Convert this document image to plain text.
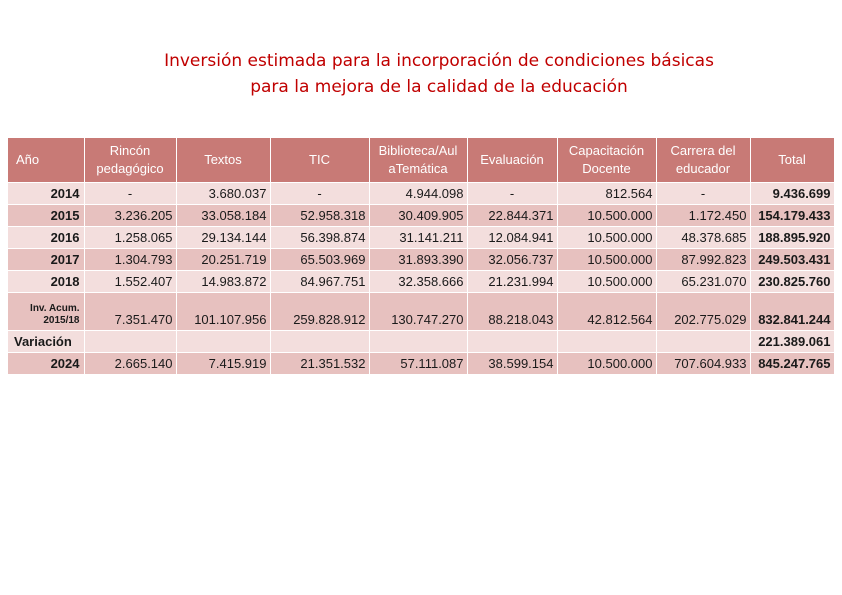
Inversión estimada para la incorporación de condiciones básicas
para la mejora de la calidad de la educación
Año	Rincón pedagógico	Textos	TIC	Biblioteca/Aul aTemática	Evaluación	Capacitación Docente	Carrera del educador	Total
2014	-	3.680.037	-	4.944.098	-	812.564	-	9.436.699
2015	3.236.205	33.058.184	52.958.318	30.409.905	22.844.371	10.500.000	1.172.450	154.179.433
2016	1.258.065	29.134.144	56.398.874	31.141.211	12.084.941	10.500.000	48.378.685	188.895.920
2017	1.304.793	20.251.719	65.503.969	31.893.390	32.056.737	10.500.000	87.992.823	249.503.431
2018	1.552.407	14.983.872	84.967.751	32.358.666	21.231.994	10.500.000	65.231.070	230.825.760
Inv. Acum.
2015/18	7.351.470	101.107.956	259.828.912	130.747.270	88.218.043	42.812.564	202.775.029	832.841.244
Variación								221.389.061
2024	2.665.140	7.415.919	21.351.532	57.111.087	38.599.154	10.500.000	707.604.933	845.247.765
